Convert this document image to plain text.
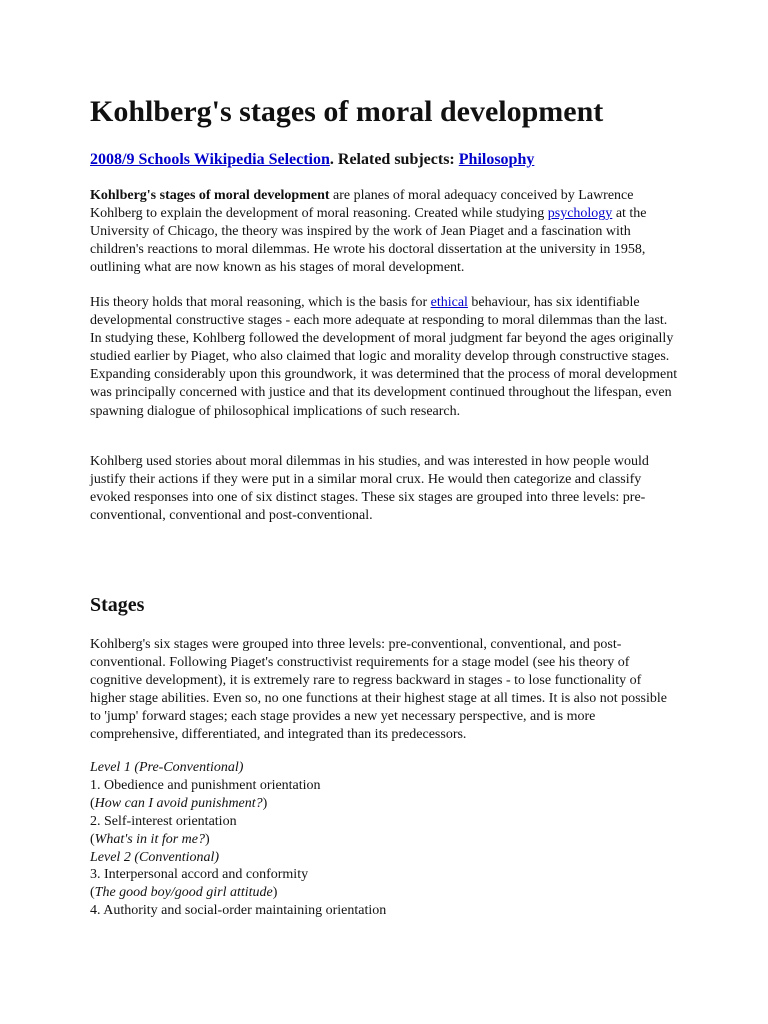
Kohlberg's stages of moral development

2008/9 Schools Wikipedia Selection. Related subjects: Philosophy

Kohlberg's stages of moral development are planes of moral adequacy conceived by Lawrence Kohlberg to explain the development of moral reasoning. Created while studying psychology at the University of Chicago, the theory was inspired by the work of Jean Piaget and a fascination with children's reactions to moral dilemmas. He wrote his doctoral dissertation at the university in 1958, outlining what are now known as his stages of moral development.

His theory holds that moral reasoning, which is the basis for ethical behaviour, has six identifiable developmental constructive stages - each more adequate at responding to moral dilemmas than the last. In studying these, Kohlberg followed the development of moral judgment far beyond the ages originally studied earlier by Piaget, who also claimed that logic and morality develop through constructive stages. Expanding considerably upon this groundwork, it was determined that the process of moral development was principally concerned with justice and that its development continued throughout the lifespan, even spawning dialogue of philosophical implications of such research.

Kohlberg used stories about moral dilemmas in his studies, and was interested in how people would justify their actions if they were put in a similar moral crux. He would then categorize and classify evoked responses into one of six distinct stages. These six stages are grouped into three levels: pre-conventional, conventional and post-conventional.

Stages

Kohlberg's six stages were grouped into three levels: pre-conventional, conventional, and post-conventional. Following Piaget's constructivist requirements for a stage model (see his theory of cognitive development), it is extremely rare to regress backward in stages - to lose functionality of higher stage abilities. Even so, no one functions at their highest stage at all times. It is also not possible to 'jump' forward stages; each stage provides a new yet necessary perspective, and is more comprehensive, differentiated, and integrated than its predecessors.

Level 1 (Pre-Conventional)
1. Obedience and punishment orientation
(How can I avoid punishment?)
2. Self-interest orientation
(What's in it for me?)
Level 2 (Conventional)
3. Interpersonal accord and conformity
(The good boy/good girl attitude)
4. Authority and social-order maintaining orientation
